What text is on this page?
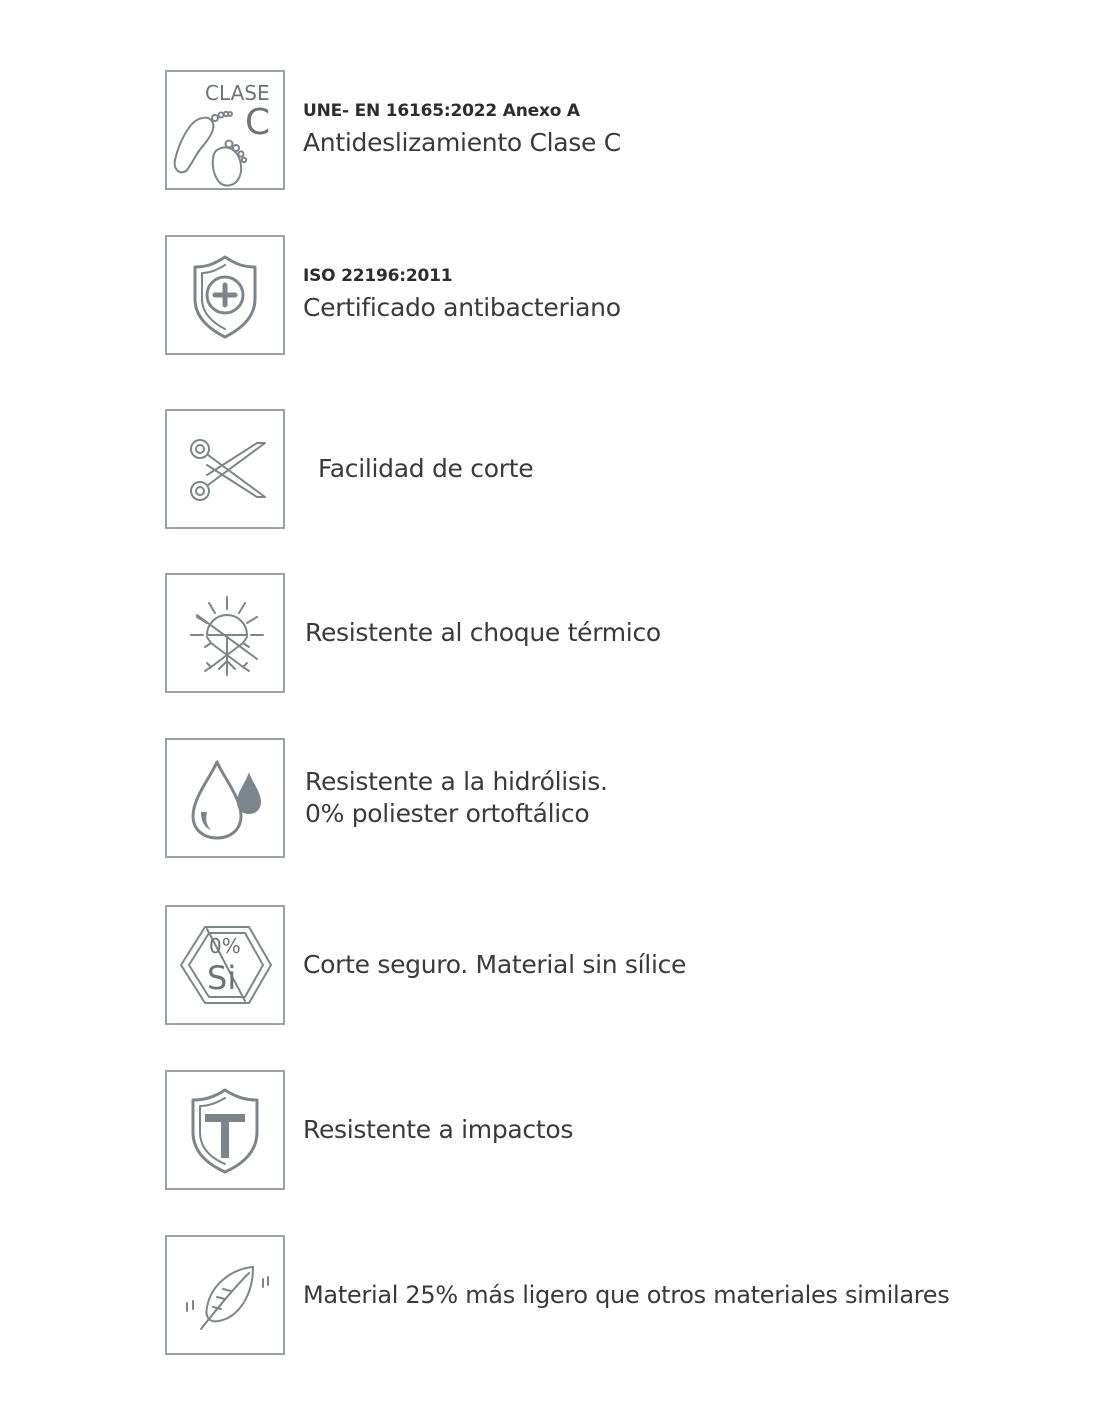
CLASE
C UNE- EN 16165:2022 Anexo A
Antideslizamiento Clase C
ISO 22196:2011
Certificado antibacteriano
Facilidad de corte
Resistente al choque térmico
Resistente a la hidrólisis.
0% poliester ortoftálico
0%
Si	Corte seguro. Material sin sílice
Resistente a impactos
Material 25% más ligero que otros materiales similares
